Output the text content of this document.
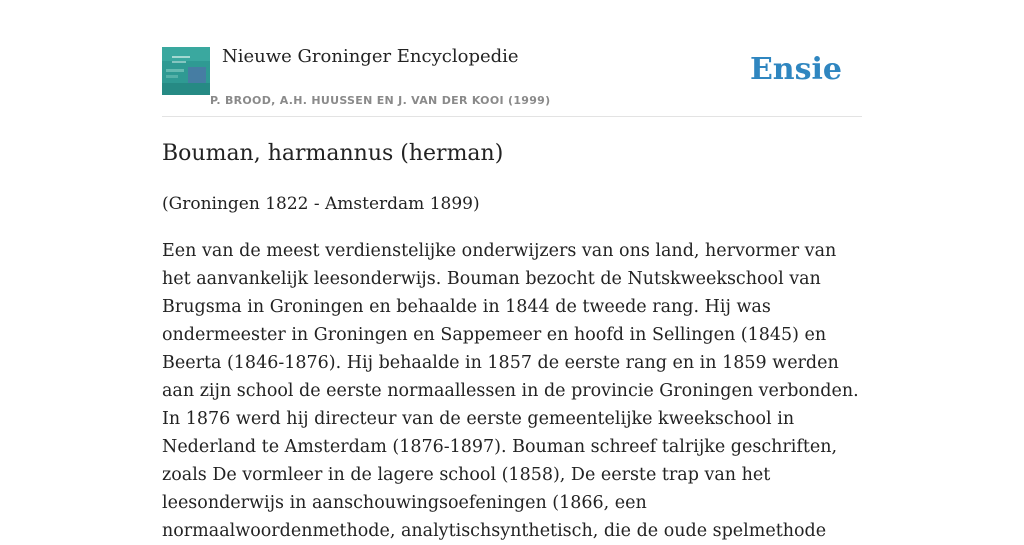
Nieuwe Groninger Encyclopedie
P. BROOD, A.H. HUUSSEN EN J. VAN DER KOOI (1999)
Ensie
Bouman, harmannus (herman)

(Groningen 1822 - Amsterdam 1899)

Een van de meest verdienstelijke onderwijzers van ons land, hervormer van het aanvankelijk leesonderwijs. Bouman bezocht de Nutskweekschool van Brugsma in Groningen en behaalde in 1844 de tweede rang. Hij was ondermeester in Groningen en Sappemeer en hoofd in Sellingen (1845) en Beerta (1846-1876). Hij behaalde in 1857 de eerste rang en in 1859 werden aan zijn school de eerste normaallessen in de provincie Groningen verbonden. In 1876 werd hij directeur van de eerste gemeentelijke kweekschool in Nederland te Amsterdam (1876-1897). Bouman schreef talrijke geschriften, zoals De vormleer in de lagere school (1858), De eerste trap van het leesonderwijs in aanschouwingsoefeningen (1866, een normaalwoordenmethode, analytischsynthetisch, die de oude spelmethode
